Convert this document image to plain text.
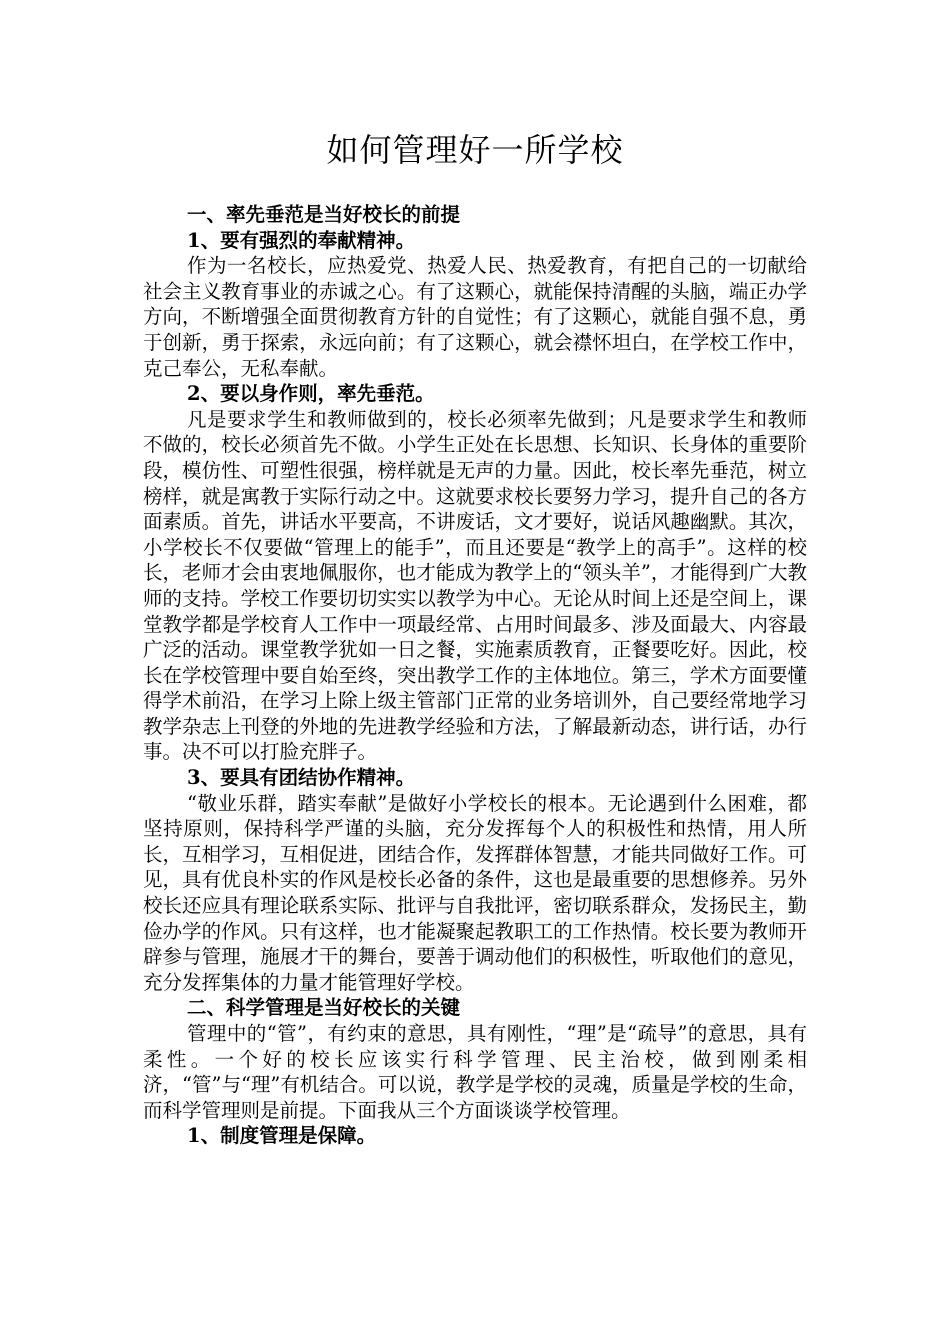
如何管理好一所学校

一、率先垂范是当好校长的前提

1、要有强烈的奉献精神。

作为一名校长，应热爱党、热爱人民、热爱教育，有把自己的一切献给社会主义教育事业的赤诚之心。有了这颗心，就能保持清醒的头脑，端正办学方向，不断增强全面贯彻教育方针的自觉性；有了这颗心，就能自强不息，勇于创新，勇于探索，永远向前；有了这颗心，就会襟怀坦白，在学校工作中，克己奉公，无私奉献。

2、要以身作则，率先垂范。

凡是要求学生和教师做到的，校长必须率先做到；凡是要求学生和教师不做的，校长必须首先不做。小学生正处在长思想、长知识、长身体的重要阶段，模仿性、可塑性很强，榜样就是无声的力量。因此，校长率先垂范，树立榜样，就是寓教于实际行动之中。这就要求校长要努力学习，提升自己的各方面素质。首先，讲话水平要高，不讲废话，文才要好，说话风趣幽默。其次，小学校长不仅要做“管理上的能手”，而且还要是“教学上的高手”。这样的校长，老师才会由衷地佩服你，也才能成为教学上的“领头羊”，才能得到广大教师的支持。学校工作要切切实实以教学为中心。无论从时间上还是空间上，课堂教学都是学校育人工作中一项最经常、占用时间最多、涉及面最大、内容最广泛的活动。课堂教学犹如一日之餐，实施素质教育，正餐要吃好。因此，校长在学校管理中要自始至终，突出教学工作的主体地位。第三，学术方面要懂得学术前沿，在学习上除上级主管部门正常的业务培训外，自己要经常地学习教学杂志上刊登的外地的先进教学经验和方法，了解最新动态，讲行话，办行事。决不可以打脸充胖子。

3、要具有团结协作精神。

“敬业乐群，踏实奉献”是做好小学校长的根本。无论遇到什么困难，都坚持原则，保持科学严谨的头脑，充分发挥每个人的积极性和热情，用人所长，互相学习，互相促进，团结合作，发挥群体智慧，才能共同做好工作。可见，具有优良朴实的作风是校长必备的条件，这也是最重要的思想修养。另外校长还应具有理论联系实际、批评与自我批评，密切联系群众，发扬民主，勤俭办学的作风。只有这样，也才能凝聚起教职工的工作热情。校长要为教师开辟参与管理，施展才干的舞台，要善于调动他们的积极性，听取他们的意见，充分发挥集体的力量才能管理好学校。

二、科学管理是当好校长的关键

管理中的“管”，有约束的意思，具有刚性，“理”是“疏导”的意思，具有柔性。一个好的校长应该实行科学管理、民主治校，做到刚柔相济，“管”与“理”有机结合。可以说，教学是学校的灵魂，质量是学校的生命，而科学管理则是前提。下面我从三个方面谈谈学校管理。

1、制度管理是保障。
